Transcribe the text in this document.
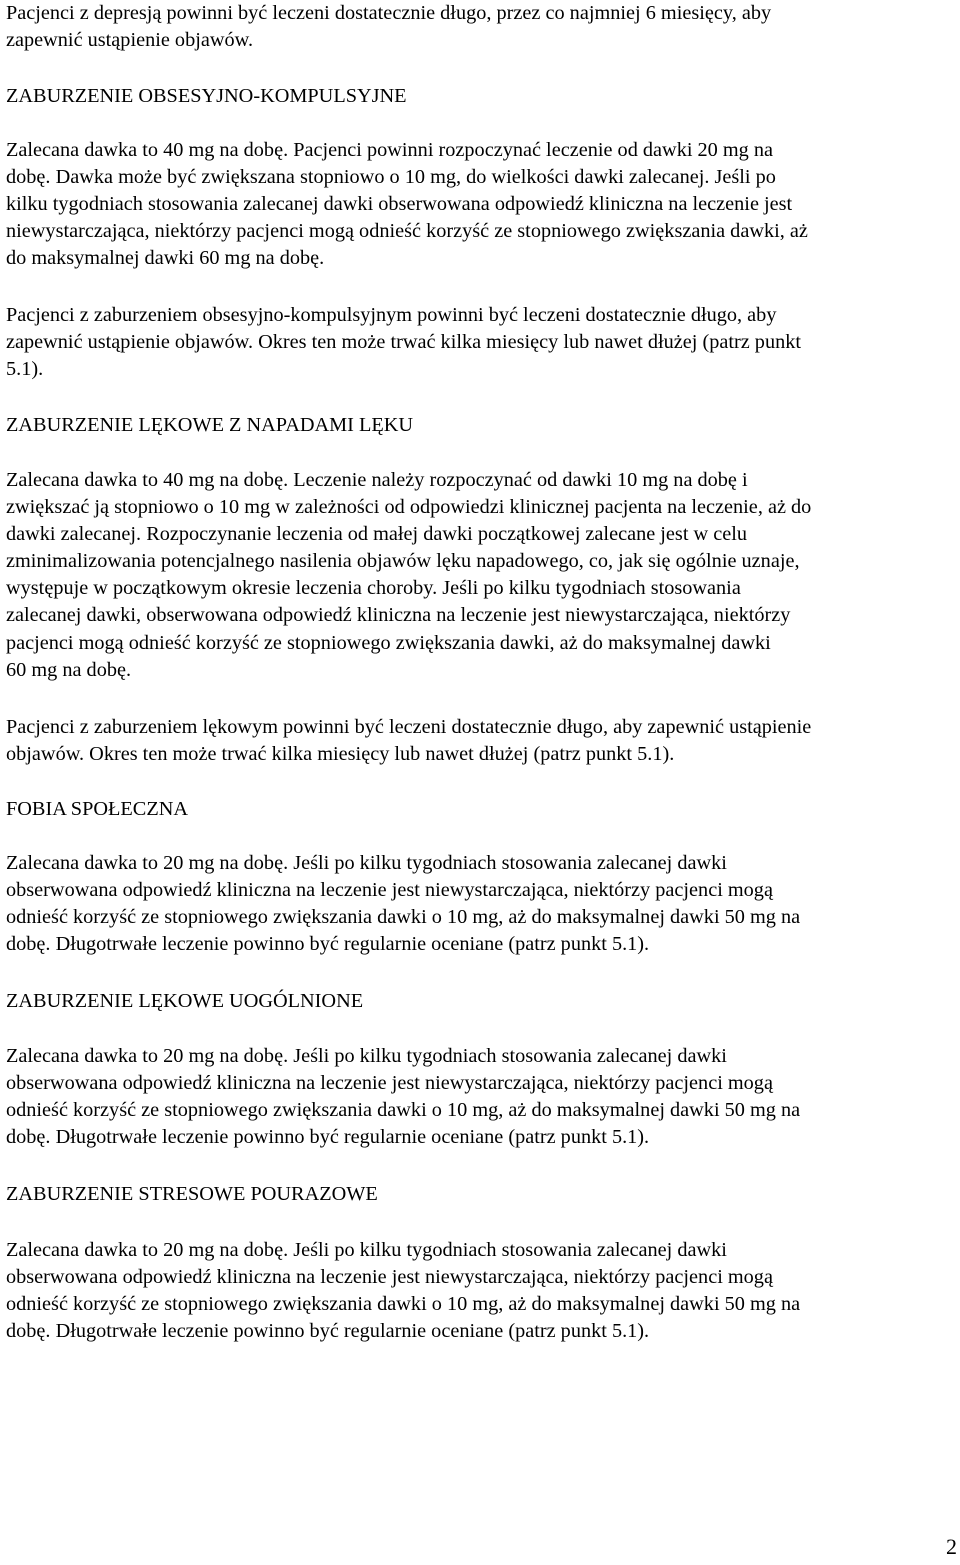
Pacjenci z depresją powinni być leczeni dostatecznie długo, przez co najmniej 6 miesięcy, aby
zapewnić ustąpienie objawów.

ZABURZENIE OBSESYJNO-KOMPULSYJNE

Zalecana dawka to 40 mg na dobę. Pacjenci powinni rozpoczynać leczenie od dawki 20 mg na
dobę. Dawka może być zwiększana stopniowo o 10 mg, do wielkości dawki zalecanej. Jeśli po
kilku tygodniach stosowania zalecanej dawki obserwowana odpowiedź kliniczna na leczenie jest
niewystarczająca, niektórzy pacjenci mogą odnieść korzyść ze stopniowego zwiększania dawki, aż
do maksymalnej dawki 60 mg na dobę.

Pacjenci z zaburzeniem obsesyjno-kompulsyjnym powinni być leczeni dostatecznie długo, aby
zapewnić ustąpienie objawów. Okres ten może trwać kilka miesięcy lub nawet dłużej (patrz punkt
5.1).

ZABURZENIE LĘKOWE Z NAPADAMI LĘKU

Zalecana dawka to 40 mg na dobę. Leczenie należy rozpoczynać od dawki 10 mg na dobę i
zwiększać ją stopniowo o 10 mg w zależności od odpowiedzi klinicznej pacjenta na leczenie, aż do
dawki zalecanej. Rozpoczynanie leczenia od małej dawki początkowej zalecane jest w celu
zminimalizowania potencjalnego nasilenia objawów lęku napadowego, co, jak się ogólnie uznaje,
występuje w początkowym okresie leczenia choroby. Jeśli po kilku tygodniach stosowania
zalecanej dawki, obserwowana odpowiedź kliniczna na leczenie jest niewystarczająca, niektórzy
pacjenci mogą odnieść korzyść ze stopniowego zwiększania dawki, aż do maksymalnej dawki
60 mg na dobę.

Pacjenci z zaburzeniem lękowym powinni być leczeni dostatecznie długo, aby zapewnić ustąpienie
objawów. Okres ten może trwać kilka miesięcy lub nawet dłużej (patrz punkt 5.1).

FOBIA SPOŁECZNA

Zalecana dawka to 20 mg na dobę. Jeśli po kilku tygodniach stosowania zalecanej dawki
obserwowana odpowiedź kliniczna na leczenie jest niewystarczająca, niektórzy pacjenci mogą
odnieść korzyść ze stopniowego zwiększania dawki o 10 mg, aż do maksymalnej dawki 50 mg na
dobę. Długotrwałe leczenie powinno być regularnie oceniane (patrz punkt 5.1).

ZABURZENIE LĘKOWE UOGÓLNIONE

Zalecana dawka to 20 mg na dobę. Jeśli po kilku tygodniach stosowania zalecanej dawki
obserwowana odpowiedź kliniczna na leczenie jest niewystarczająca, niektórzy pacjenci mogą
odnieść korzyść ze stopniowego zwiększania dawki o 10 mg, aż do maksymalnej dawki 50 mg na
dobę. Długotrwałe leczenie powinno być regularnie oceniane (patrz punkt 5.1).

ZABURZENIE STRESOWE POURAZOWE

Zalecana dawka to 20 mg na dobę. Jeśli po kilku tygodniach stosowania zalecanej dawki
obserwowana odpowiedź kliniczna na leczenie jest niewystarczająca, niektórzy pacjenci mogą
odnieść korzyść ze stopniowego zwiększania dawki o 10 mg, aż do maksymalnej dawki 50 mg na
dobę. Długotrwałe leczenie powinno być regularnie oceniane (patrz punkt 5.1).

2
